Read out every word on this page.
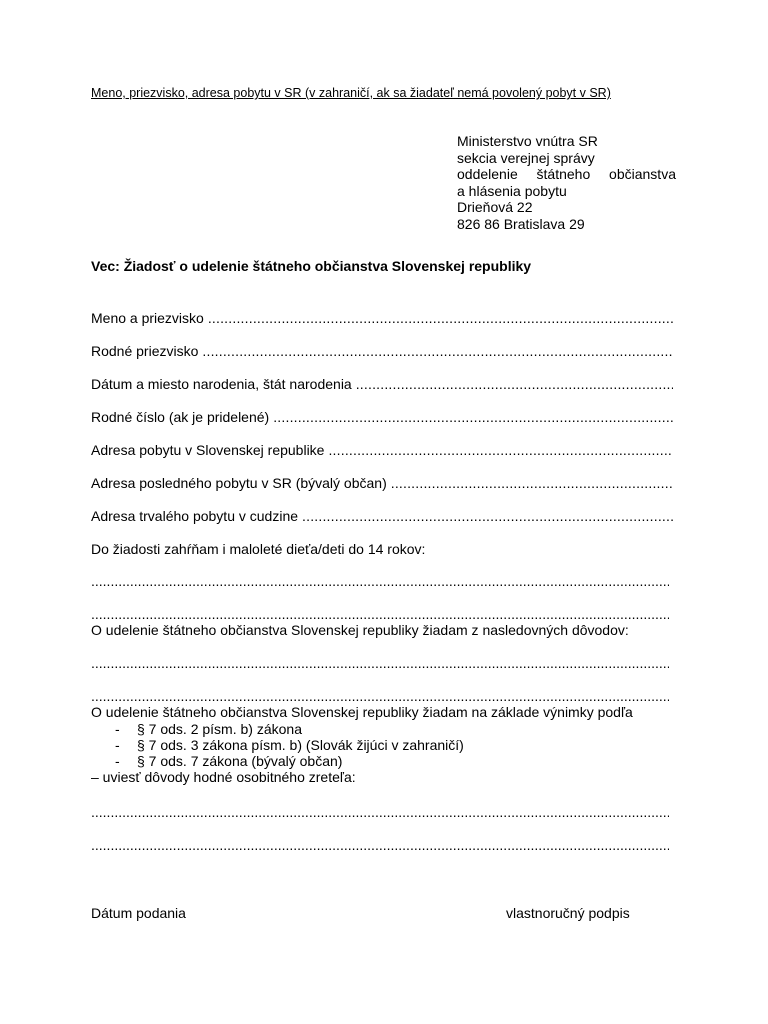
Meno, priezvisko, adresa pobytu v SR (v zahraničí, ak sa žiadateľ nemá povolený pobyt v SR)
Ministerstvo vnútra SR
sekcia verejnej správy
oddelenie štátneho občianstva
a hlásenia pobytu
Drieňová 22
826 86 Bratislava 29
Vec: Žiadosť o udelenie štátneho občianstva Slovenskej republiky
Meno a priezvisko
.....
Rodné priezvisko
.....
Dátum a miesto narodenia, štát narodenia
.....
Rodné číslo (ak je pridelené)
.....
Adresa pobytu v Slovenskej republike
.....
Adresa posledného pobytu v SR (bývalý občan)
.....
Adresa trvalého pobytu v cudzine
.....
Do žiadosti zahŕňam i maloleté dieťa/deti do 14 rokov:
.....
.....
O udelenie štátneho občianstva Slovenskej republiky žiadam z nasledovných dôvodov:
.....
.....
O udelenie štátneho občianstva Slovenskej republiky žiadam na základe výnimky podľa
-	§ 7 ods. 2 písm. b) zákona
-	§ 7 ods. 3 zákona písm. b) (Slovák žijúci v zahraničí)
-	§ 7 ods. 7 zákona (bývalý občan)
– uviesť dôvody hodné osobitného zreteľa:
.....
.....
Dátum podania	vlastnoručný podpis
